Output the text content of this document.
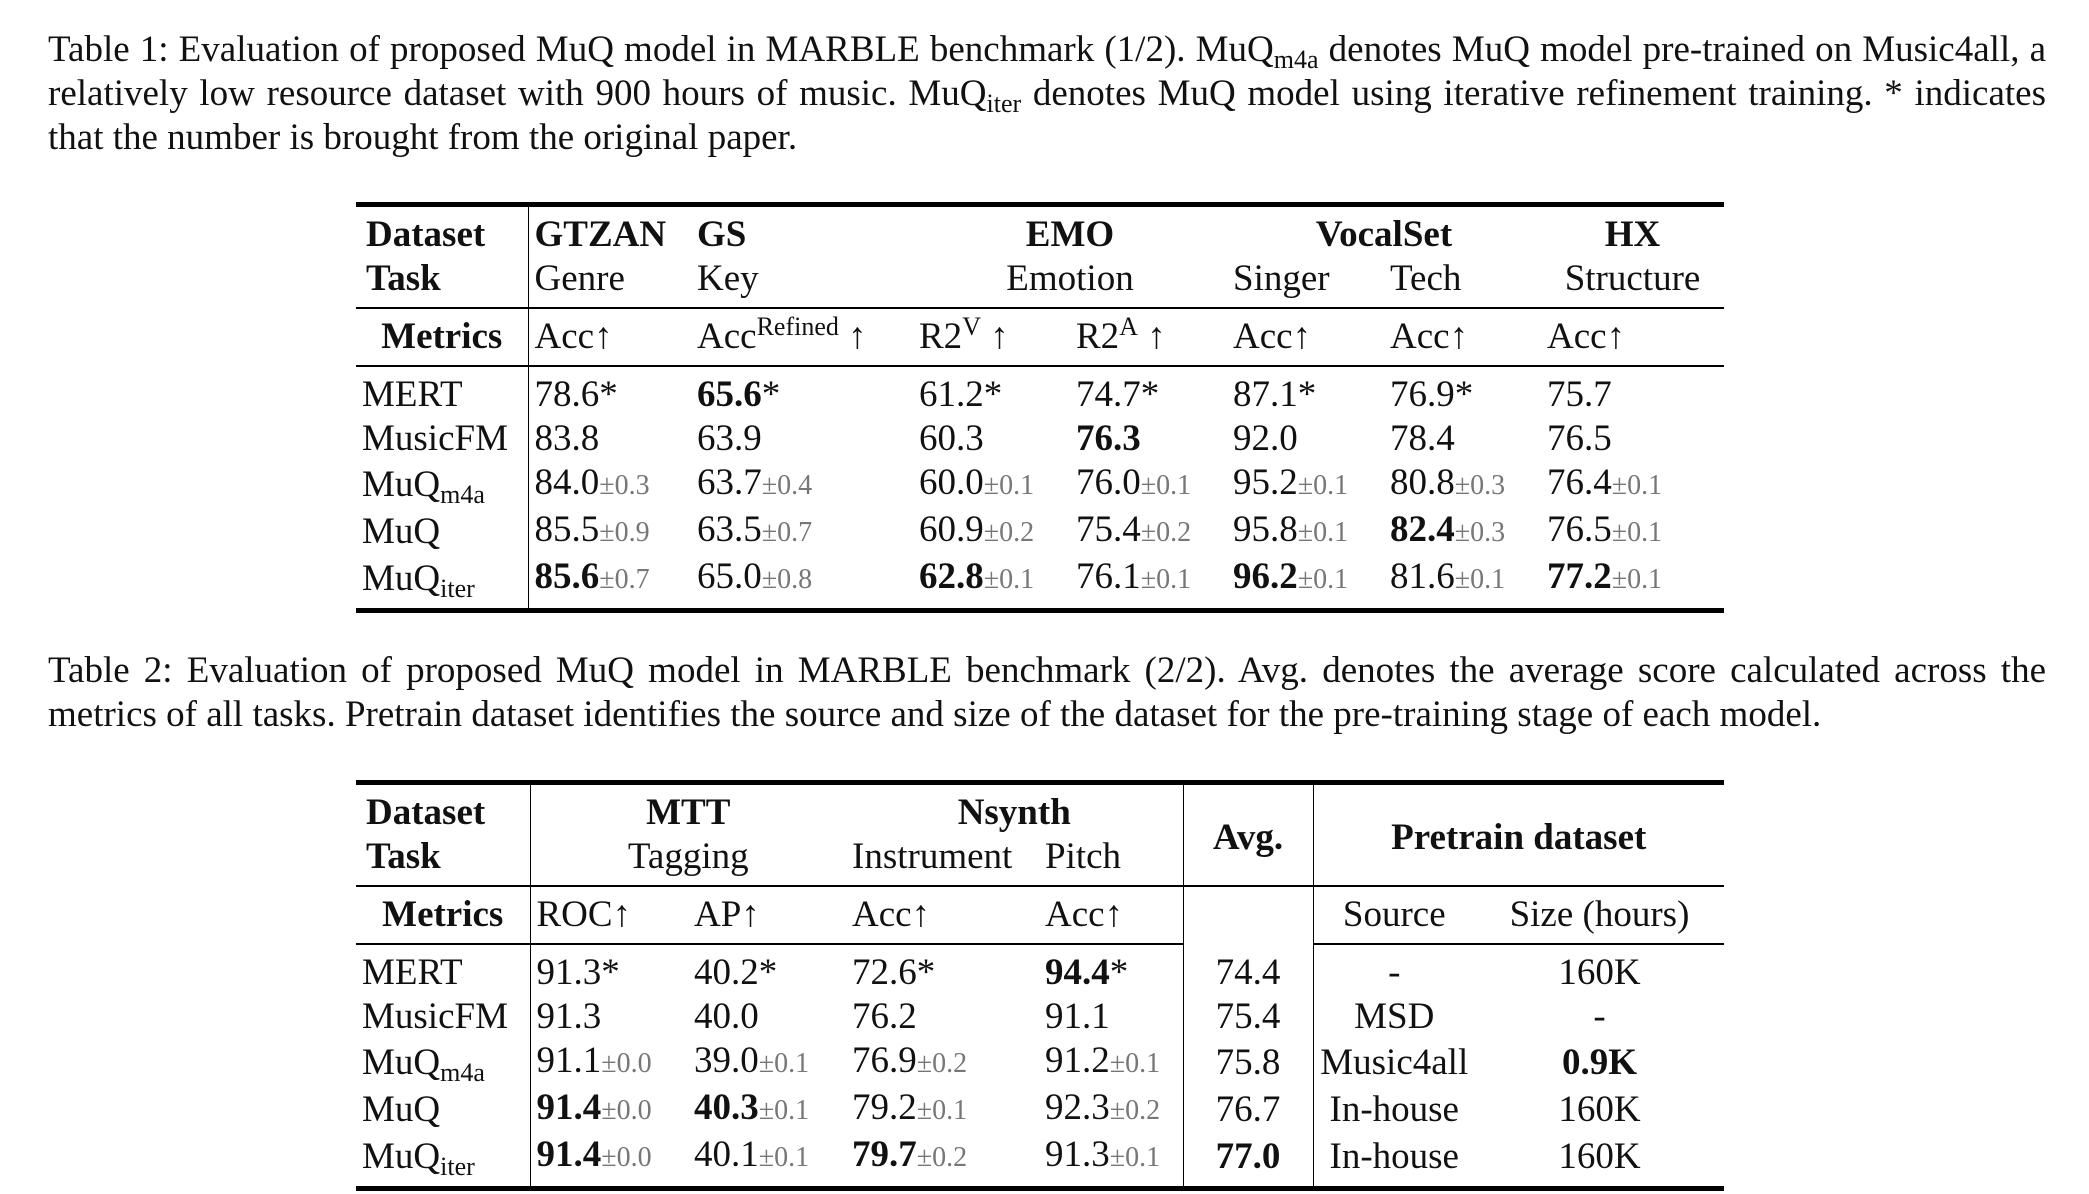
Table 1: Evaluation of proposed MuQ model in MARBLE benchmark (1/2). MuQ$_{m4a}$ denotes MuQ model pre-trained on Music4all, a relatively low resource dataset with 900 hours of music. MuQ$_{iter}$ denotes MuQ model using iterative refinement training. * indicates that the number is brought from the original paper.
Dataset	GTZAN	GS	EMO		VocalSet		HX
Task	Genre	Key	Emotion		Singer	Tech	Structure
Metrics	Acc↑	Acc$^{Refined}$ ↑	$R2^V$ ↑	$R2^A$ ↑	Acc↑	Acc↑	Acc↑
MERT	78.6*	65.6*	61.2*	74.7*	87.1*	76.9*	75.7
MusicFM	83.8	63.9	60.3	76.3	92.0	78.4	76.5
MuQ$_{m4a}$	84.0±0.3	63.7±0.4	60.0±0.1	76.0±0.1	95.2±0.1	80.8±0.3	76.4±0.1
MuQ	85.5±0.9	63.5±0.7	60.9±0.2	75.4±0.2	95.8±0.1	82.4±0.3	76.5±0.1
MuQ$_{iter}$	85.6±0.7	65.0±0.8	62.8±0.1	76.1±0.1	96.2±0.1	81.6±0.1	77.2±0.1
Table 2: Evaluation of proposed MuQ model in MARBLE benchmark (2/2). Avg. denotes the average score calculated across the metrics of all tasks. Pretrain dataset identifies the source and size of the dataset for the pre-training stage of each model.
Dataset	MTT		Nsynth		Avg.	Pretrain dataset	
Task	Tagging		Instrument	Pitch			
Metrics	ROC↑	AP↑	Acc↑	Acc↑		Source	Size (hours)
MERT	91.3*	40.2*	72.6*	94.4*	74.4	-	160K
MusicFM	91.3	40.0	76.2	91.1	75.4	MSD	-
MuQ$_{m4a}$	91.1±0.0	39.0±0.1	76.9±0.2	91.2±0.1	75.8	Music4all	0.9K
MuQ	91.4±0.0	40.3±0.1	79.2±0.1	92.3±0.2	76.7	In-house	160K
MuQ$_{iter}$	91.4±0.0	40.1±0.1	79.7±0.2	91.3±0.1	77.0	In-house	160K
